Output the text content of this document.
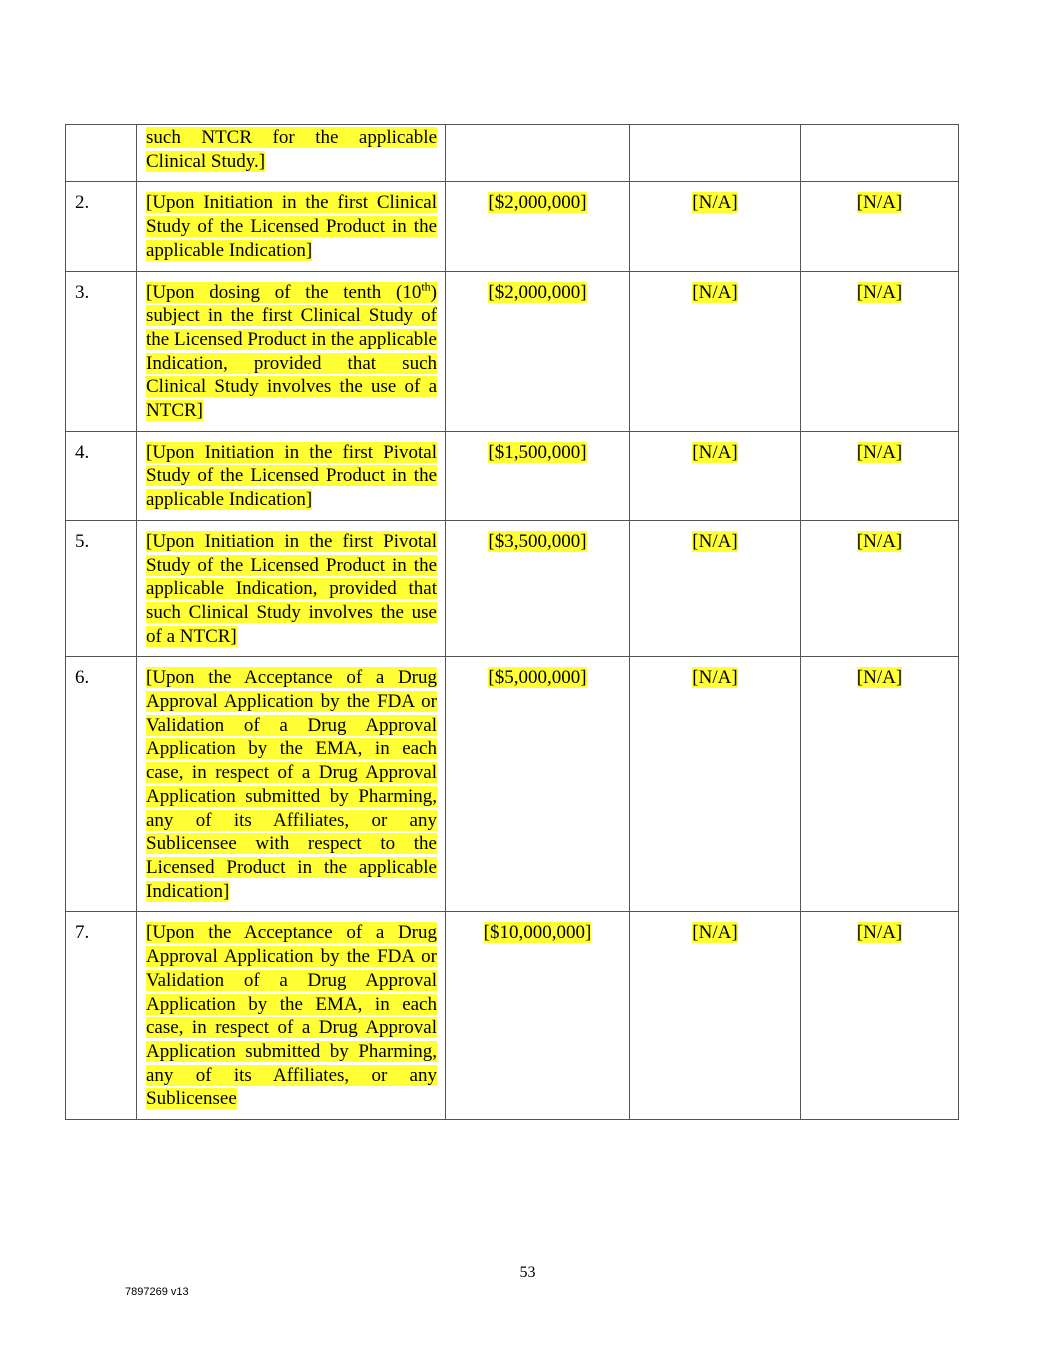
	such NTCR for the applicable Clinical Study.]			

2.	[Upon Initiation in the first Clinical Study of the Licensed Product in the applicable Indication]	[$2,000,000]	[N/A]	[N/A]
3.	[Upon dosing of the tenth (10th) subject in the first Clinical Study of the Licensed Product in the applicable Indication, provided that such Clinical Study involves the use of a NTCR]	[$2,000,000]	[N/A]	[N/A]
4.	[Upon Initiation in the first Pivotal Study of the Licensed Product in the applicable Indication]	[$1,500,000]	[N/A]	[N/A]
5.	[Upon Initiation in the first Pivotal Study of the Licensed Product in the applicable Indication, provided that such Clinical Study involves the use of a NTCR]	[$3,500,000]	[N/A]	[N/A]
6.	[Upon the Acceptance of a Drug Approval Application by the FDA or Validation of a Drug Approval Application by the EMA, in each case, in respect of a Drug Approval Application submitted by Pharming, any of its Affiliates, or any Sublicensee with respect to the Licensed Product in the applicable Indication]	[$5,000,000]	[N/A]	[N/A]
7.	[Upon the Acceptance of a Drug Approval Application by the FDA or Validation of a Drug Approval Application by the EMA, in each case, in respect of a Drug Approval Application submitted by Pharming, any of its Affiliates, or any Sublicensee	[$10,000,000]	[N/A]	[N/A]
53
7897269 v13
